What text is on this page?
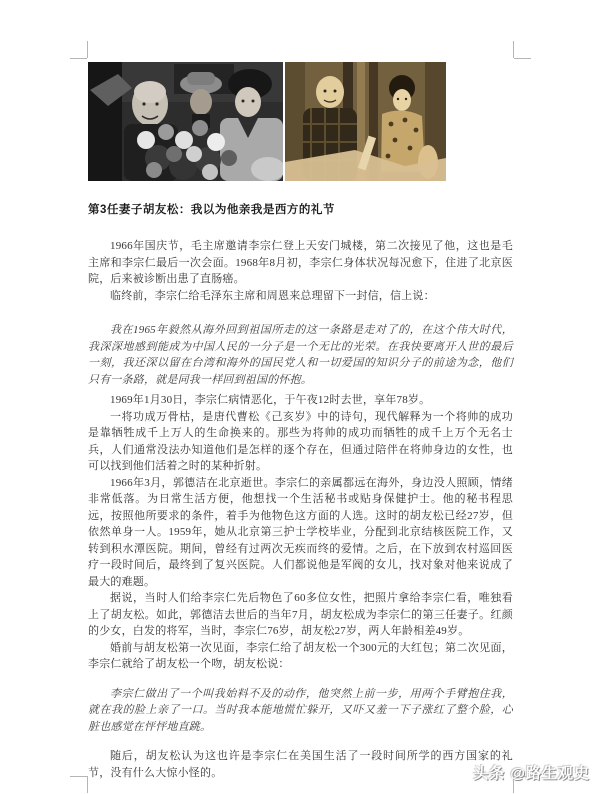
第3任妻子胡友松：我以为他亲我是西方的礼节

1966年国庆节，毛主席邀请李宗仁登上天安门城楼，第二次接见了他，这也是毛主席和李宗仁最后一次会面。1968年8月初，李宗仁身体状况每况愈下，住进了北京医院，后来被诊断出患了直肠癌。

临终前，李宗仁给毛泽东主席和周恩来总理留下一封信，信上说：

我在1965年毅然从海外回到祖国所走的这一条路是走对了的，在这个伟大时代，我深深地感到能成为中国人民的一分子是一个无比的光荣。在我快要离开人世的最后一刻，我还深以留在台湾和海外的国民党人和一切爱国的知识分子的前途为念，他们只有一条路，就是同我一样回到祖国的怀抱。

1969年1月30日，李宗仁病情恶化，于午夜12时去世，享年78岁。

一将功成万骨枯，是唐代曹松《己亥岁》中的诗句，现代解释为一个将帅的成功是靠牺牲成千上万人的生命换来的。那些为将帅的成功而牺牲的成千上万个无名士兵，人们通常没法办知道他们是怎样的逐个存在，但通过陪伴在将帅身边的女性，也可以找到他们活着之时的某种折射。

1966年3月，郭德洁在北京逝世。李宗仁的亲属都远在海外，身边没人照顾，情绪非常低落。为日常生活方便，他想找一个生活秘书或贴身保健护士。他的秘书程思远，按照他所要求的条件，着手为他物色这方面的人选。这时的胡友松已经27岁，但依然单身一人。1959年，她从北京第三护士学校毕业，分配到北京结核医院工作，又转到积水潭医院。期间，曾经有过两次无疾而终的爱情。之后，在下放到农村巡回医疗一段时间后，最终到了复兴医院。人们都说他是军阀的女儿，找对象对他来说成了最大的难题。

据说，当时人们给李宗仁先后物色了60多位女性，把照片拿给李宗仁看，唯独看上了胡友松。如此，郭德洁去世后的当年7月，胡友松成为李宗仁的第三任妻子。红颜的少女，白发的将军，当时，李宗仁76岁，胡友松27岁，两人年龄相差49岁。

婚前与胡友松第一次见面，李宗仁给了胡友松一个300元的大红包；第二次见面，李宗仁就给了胡友松一个吻，胡友松说：

李宗仁做出了一个叫我始料不及的动作，他突然上前一步，用两个手臂抱住我，就在我的脸上亲了一口。当时我本能地慌忙躲开，又吓又羞一下子涨红了整个脸，心脏也感觉在怦怦地直跳。

随后，胡友松认为这也许是李宗仁在美国生活了一段时间所学的西方国家的礼节，没有什么大惊小怪的。	头条 @路生观史
